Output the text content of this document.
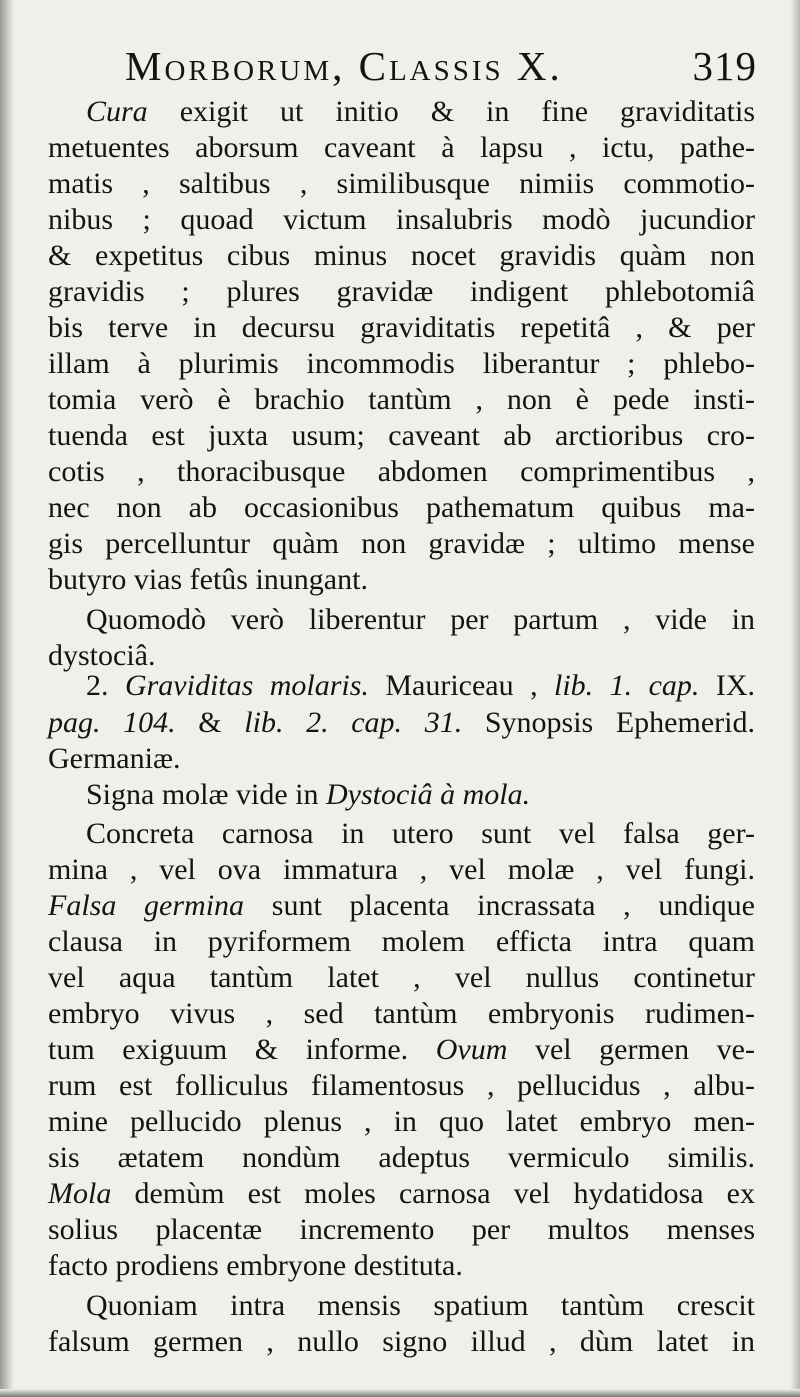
Morborum, Classis X.	319
Cura exigit ut initio & in fine graviditatis
metuentes aborsum caveant à lapsu , ictu, pathe-
matis , saltibus , similibusque nimiis commotio-
nibus ; quoad victum insalubris modò jucundior
& expetitus cibus minus nocet gravidis quàm non
gravidis ; plures gravidæ indigent phlebotomiâ
bis terve in decursu graviditatis repetitâ , & per
illam à plurimis incommodis liberantur ; phlebo-
tomia verò è brachio tantùm , non è pede insti-
tuenda est juxta usum; caveant ab arctioribus cro-
cotis , thoracibusque abdomen comprimentibus ,
nec non ab occasionibus pathematum quibus ma-
gis percelluntur quàm non gravidæ ; ultimo mense
butyro vias fetûs inungant.
Quomodò verò liberentur per partum , vide in
dystociâ.
2. Graviditas molaris. Mauriceau , lib. 1. cap. IX.
pag. 104. & lib. 2. cap. 31. Synopsis Ephemerid.
Germaniæ.
Signa molæ vide in Dystociâ à mola.
Concreta carnosa in utero sunt vel falsa ger-
mina , vel ova immatura , vel molæ , vel fungi.
Falsa germina sunt placenta incrassata , undique
clausa in pyriformem molem efficta intra quam
vel aqua tantùm latet , vel nullus continetur
embryo vivus , sed tantùm embryonis rudimen-
tum exiguum & informe. Ovum vel germen ve-
rum est folliculus filamentosus , pellucidus , albu-
mine pellucido plenus , in quo latet embryo men-
sis ætatem nondùm adeptus vermiculo similis.
Mola demùm est moles carnosa vel hydatidosa ex
solius placentæ incremento per multos menses
facto prodiens embryone destituta.
Quoniam intra mensis spatium tantùm crescit
falsum germen , nullo signo illud , dùm latet in
